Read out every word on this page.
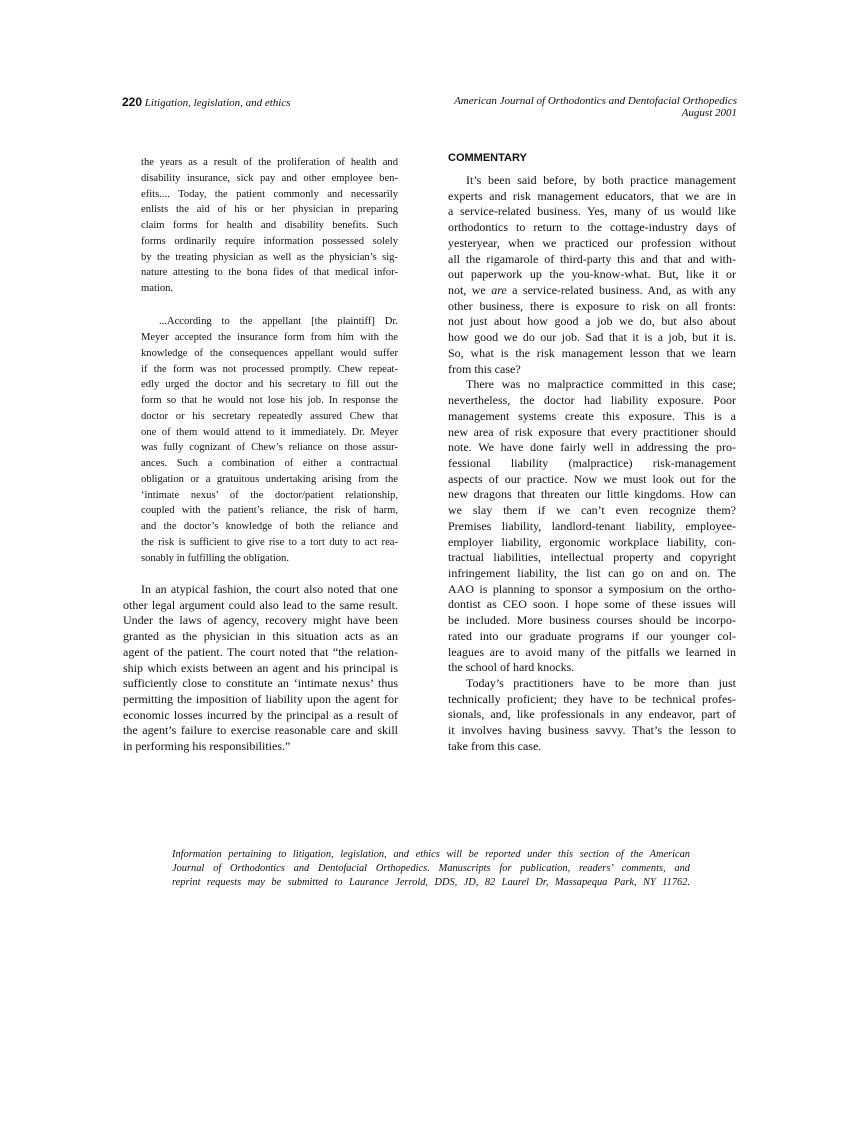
220 Litigation, legislation, and ethics	American Journal of Orthodontics and Dentofacial Orthopedics
August 2001
the years as a result of the proliferation of health and
disability insurance, sick pay and other employee ben-
efits.... Today, the patient commonly and necessarily
enlists the aid of his or her physician in preparing
claim forms for health and disability benefits. Such
forms ordinarily require information possessed solely
by the treating physician as well as the physician’s sig-
nature attesting to the bona fides of that medical infor-
mation.
...According to the appellant [the plaintiff] Dr.
Meyer accepted the insurance form from him with the
knowledge of the consequences appellant would suffer
if the form was not processed promptly. Chew repeat-
edly urged the doctor and his secretary to fill out the
form so that he would not lose his job. In response the
doctor or his secretary repeatedly assured Chew that
one of them would attend to it immediately. Dr. Meyer
was fully cognizant of Chew’s reliance on those assur-
ances. Such a combination of either a contractual
obligation or a gratuitous undertaking arising from the
‘intimate nexus’ of the doctor/patient relationship,
coupled with the patient’s reliance, the risk of harm,
and the doctor’s knowledge of both the reliance and
the risk is sufficient to give rise to a tort duty to act rea-
sonably in fulfilling the obligation.
In an atypical fashion, the court also noted that one
other legal argument could also lead to the same result.
Under the laws of agency, recovery might have been
granted as the physician in this situation acts as an
agent of the patient. The court noted that “the relation-
ship which exists between an agent and his principal is
sufficiently close to constitute an ‘intimate nexus’ thus
permitting the imposition of liability upon the agent for
economic losses incurred by the principal as a result of
the agent’s failure to exercise reasonable care and skill
in performing his responsibilities.”
COMMENTARY
It’s been said before, by both practice management
experts and risk management educators, that we are in
a service-related business. Yes, many of us would like
orthodontics to return to the cottage-industry days of
yesteryear, when we practiced our profession without
all the rigamarole of third-party this and that and with-
out paperwork up the you-know-what. But, like it or
not, we are a service-related business. And, as with any
other business, there is exposure to risk on all fronts:
not just about how good a job we do, but also about
how good we do our job. Sad that it is a job, but it is.
So, what is the risk management lesson that we learn
from this case?
There was no malpractice committed in this case;
nevertheless, the doctor had liability exposure. Poor
management systems create this exposure. This is a
new area of risk exposure that every practitioner should
note. We have done fairly well in addressing the pro-
fessional liability (malpractice) risk-management
aspects of our practice. Now we must look out for the
new dragons that threaten our little kingdoms. How can
we slay them if we can’t even recognize them?
Premises liability, landlord-tenant liability, employee-
employer liability, ergonomic workplace liability, con-
tractual liabilities, intellectual property and copyright
infringement liability, the list can go on and on. The
AAO is planning to sponsor a symposium on the ortho-
dontist as CEO soon. I hope some of these issues will
be included. More business courses should be incorpo-
rated into our graduate programs if our younger col-
leagues are to avoid many of the pitfalls we learned in
the school of hard knocks.
Today’s practitioners have to be more than just
technically proficient; they have to be technical profes-
sionals, and, like professionals in any endeavor, part of
it involves having business savvy. That’s the lesson to
take from this case.
Information pertaining to litigation, legislation, and ethics will be reported under this section of the American
Journal of Orthodontics and Dentofacial Orthopedics. Manuscripts for publication, readers’ comments, and
reprint requests may be submitted to Laurance Jerrold, DDS, JD, 82 Laurel Dr, Massapequa Park, NY 11762.
